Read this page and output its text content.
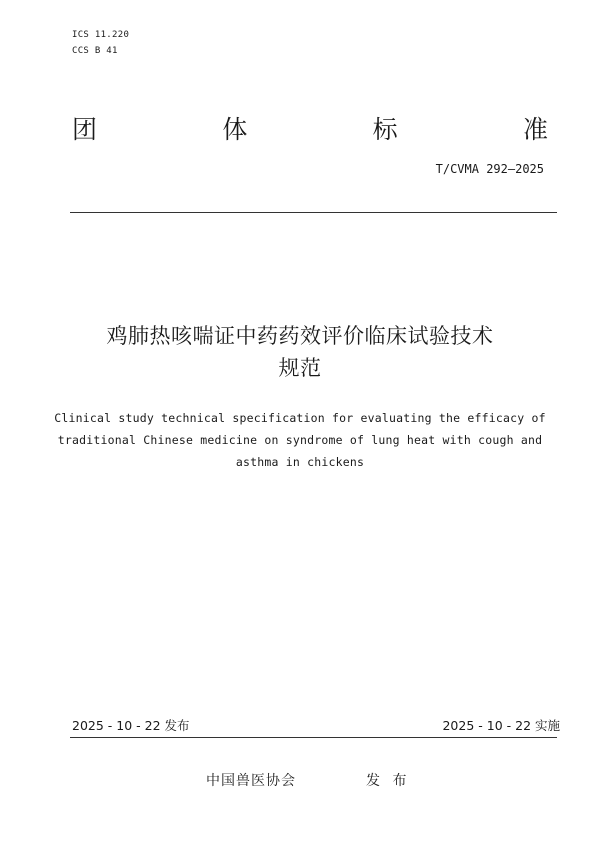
ICS 11.220
CCS B 41
团	体	标	准
T/CVMA 292—2025
鸡肺热咳喘证中药药效评价临床试验技术
规范
Clinical study technical specification for evaluating the efficacy of
traditional Chinese medicine on syndrome of lung heat with cough and
asthma in chickens
2025 - 10 - 22 发布	2025 - 10 - 22 实施
中国兽医协会	发 布
